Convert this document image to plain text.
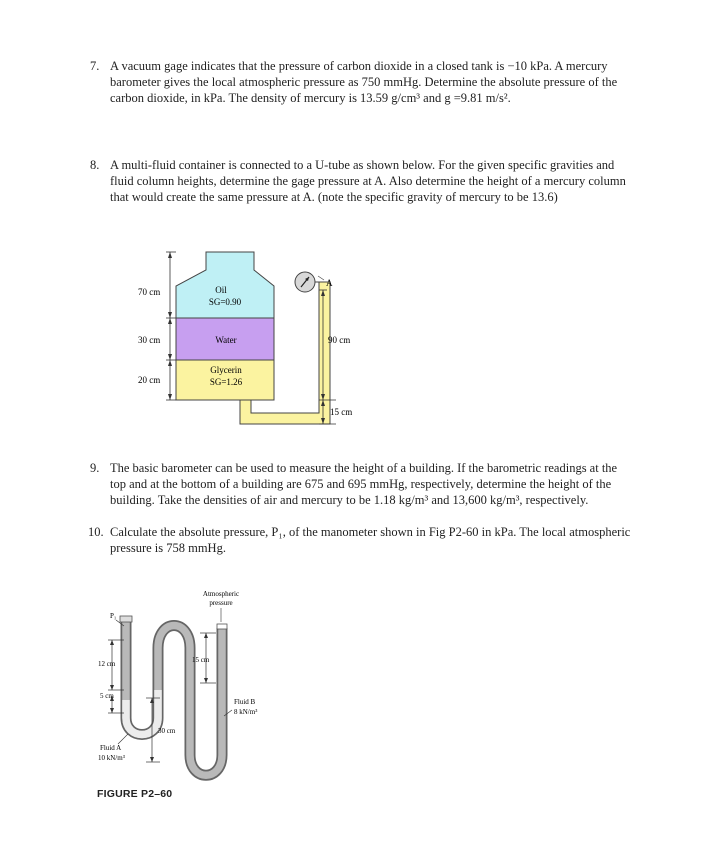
7. A vacuum gage indicates that the pressure of carbon dioxide in a closed tank is −10 kPa. A mercury barometer gives the local atmospheric pressure as 750 mmHg. Determine the absolute pressure of the carbon dioxide, in kPa. The density of mercury is 13.59 g/cm³ and g =9.81 m/s².
8. A multi-fluid container is connected to a U-tube as shown below. For the given specific gravities and fluid column heights, determine the gage pressure at A. Also determine the height of a mercury column that would create the same pressure at A. (note the specific gravity of mercury to be 13.6)
A
Oil
SG=0.90
Water
Glycerin
SG=1.26
70 cm
30 cm
20 cm
90 cm
15 cm
9. The basic barometer can be used to measure the height of a building. If the barometric readings at the top and at the bottom of a building are 675 and 695 mmHg, respectively, determine the height of the building. Take the densities of air and mercury to be 1.18 kg/m³ and 13,600 kg/m³, respectively.
10. Calculate the absolute pressure, P₁, of the manometer shown in Fig P2-60 in kPa. The local atmospheric pressure is 758 mmHg.
Atmospheric
pressure
P₁
12 cm
5 cm
15 cm
30 cm
Fluid B
8 kN/m³
Fluid A
10 kN/m³
FIGURE P2–60
